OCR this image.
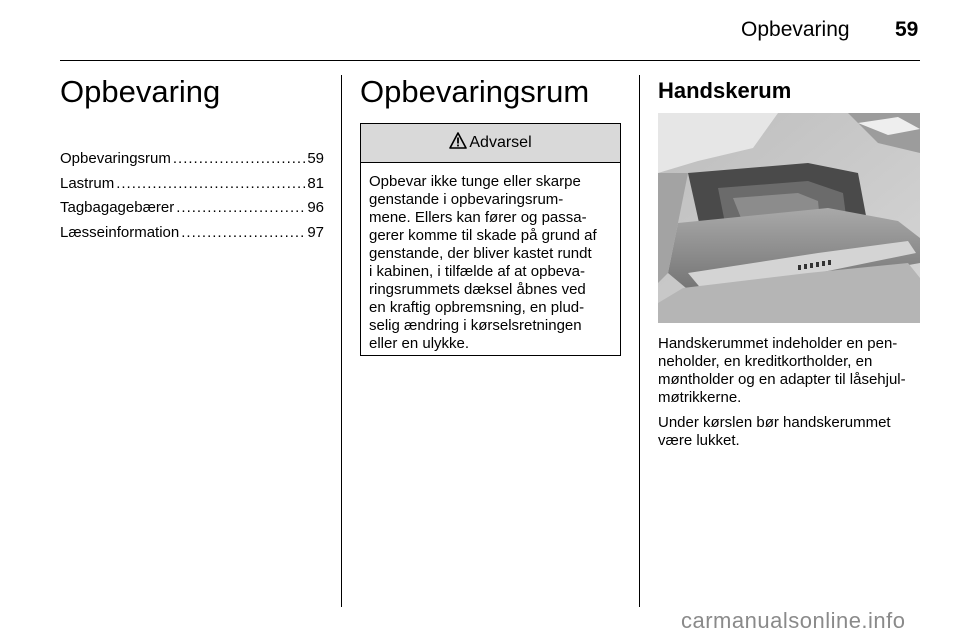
Opbevaring 59
Opbevaring
Opbevaringsrum .....	59
Lastrum .....	81
Tagbagagebærer .....	96
Læsseinformation .....	97
Opbevaringsrum
Advarsel
Opbevar ikke tunge eller skarpe
genstande i opbevaringsrum-
mene. Ellers kan fører og passa-
gerer komme til skade på grund af
genstande, der bliver kastet rundt
i kabinen, i tilfælde af at opbeva-
ringsrummets dæksel åbnes ved
en kraftig opbremsning, en plud-
selig ændring i kørselsretningen
eller en ulykke.
Handskerum
Handskerummet indeholder en pen-
neholder, en kreditkortholder, en
møntholder og en adapter til låsehjul-
møtrikkerne.
Under kørslen bør handskerummet
være lukket.
carmanualsonline.info
